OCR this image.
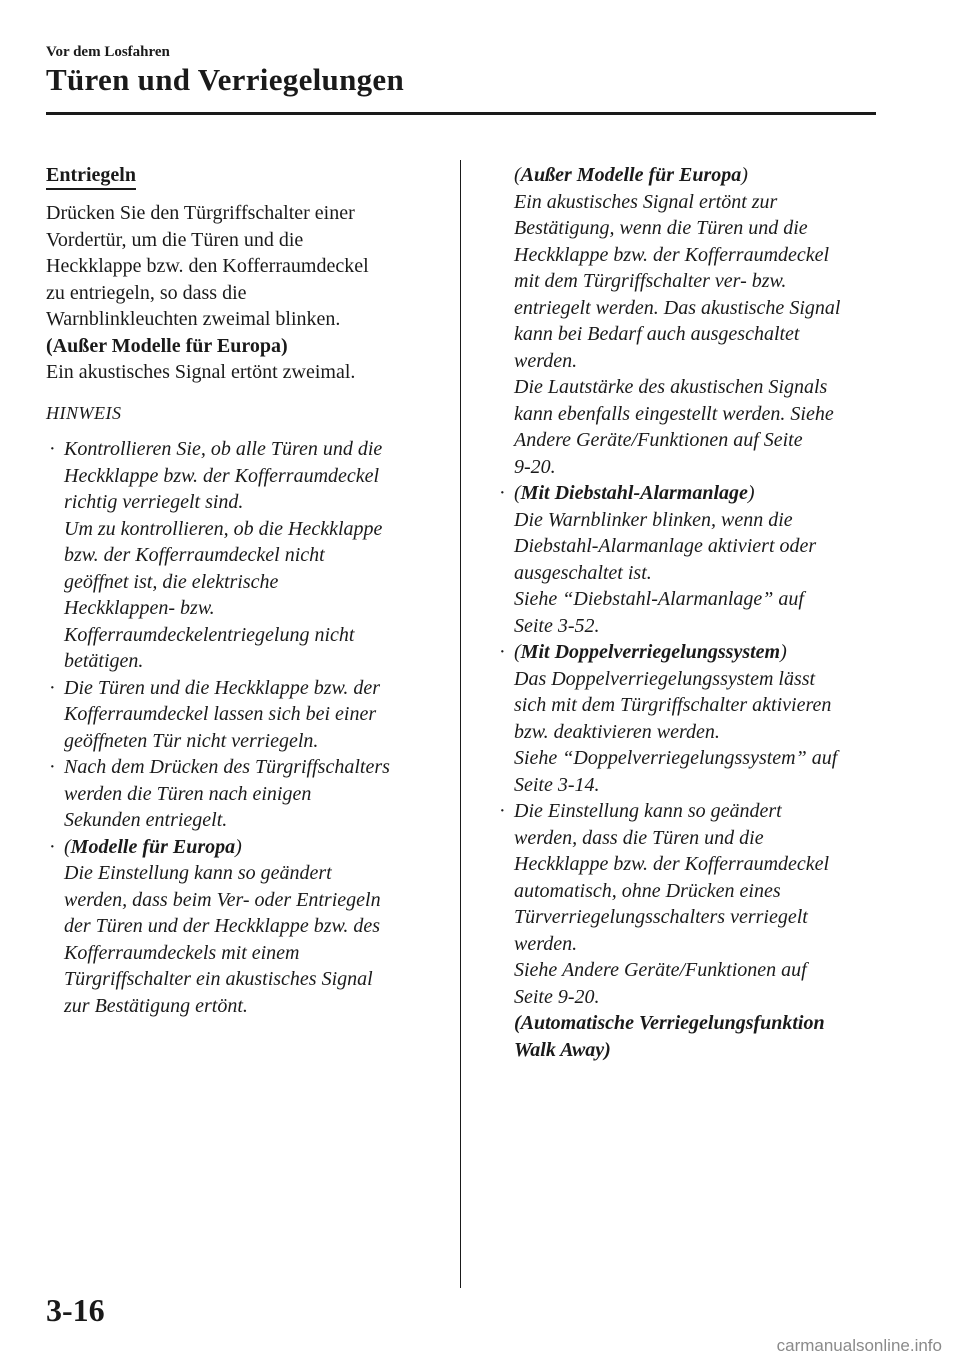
Vor dem Losfahren
Türen und Verriegelungen
Entriegeln
Drücken Sie den Türgriffschalter einer
Vordertür, um die Türen und die
Heckklappe bzw. den Kofferraumdeckel
zu entriegeln, so dass die
Warnblinkleuchten zweimal blinken.
(Außer Modelle für Europa)
Ein akustisches Signal ertönt zweimal.
HINWEIS
· Kontrollieren Sie, ob alle Türen und die
Heckklappe bzw. der Kofferraumdeckel
richtig verriegelt sind.
Um zu kontrollieren, ob die Heckklappe
bzw. der Kofferraumdeckel nicht
geöffnet ist, die elektrische
Heckklappen- bzw.
Kofferraumdeckelentriegelung nicht
betätigen.
· Die Türen und die Heckklappe bzw. der
Kofferraumdeckel lassen sich bei einer
geöffneten Tür nicht verriegeln.
· Nach dem Drücken des Türgriffschalters
werden die Türen nach einigen
Sekunden entriegelt.
· (Modelle für Europa)
Die Einstellung kann so geändert
werden, dass beim Ver- oder Entriegeln
der Türen und der Heckklappe bzw. des
Kofferraumdeckels mit einem
Türgriffschalter ein akustisches Signal
zur Bestätigung ertönt.
(Außer Modelle für Europa)
Ein akustisches Signal ertönt zur
Bestätigung, wenn die Türen und die
Heckklappe bzw. der Kofferraumdeckel
mit dem Türgriffschalter ver- bzw.
entriegelt werden. Das akustische Signal
kann bei Bedarf auch ausgeschaltet
werden.
Die Lautstärke des akustischen Signals
kann ebenfalls eingestellt werden. Siehe
Andere Geräte/Funktionen auf Seite
9-20.
· (Mit Diebstahl-Alarmanlage)
Die Warnblinker blinken, wenn die
Diebstahl-Alarmanlage aktiviert oder
ausgeschaltet ist.
Siehe “Diebstahl-Alarmanlage” auf
Seite 3-52.
· (Mit Doppelverriegelungssystem)
Das Doppelverriegelungssystem lässt
sich mit dem Türgriffschalter aktivieren
bzw. deaktivieren werden.
Siehe “Doppelverriegelungssystem” auf
Seite 3-14.
· Die Einstellung kann so geändert
werden, dass die Türen und die
Heckklappe bzw. der Kofferraumdeckel
automatisch, ohne Drücken eines
Türverriegelungsschalters verriegelt
werden.
Siehe Andere Geräte/Funktionen auf
Seite 9-20.
(Automatische Verriegelungsfunktion
Walk Away)
3-16
carmanualsonline.info
